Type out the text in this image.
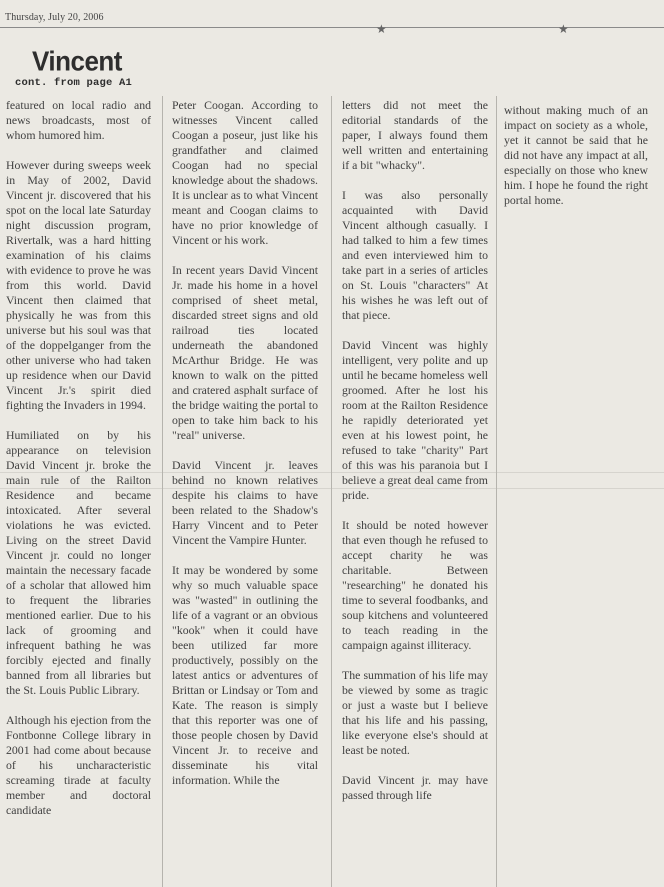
Thursday, July 20, 2006
★	★
Vincent
cont. from page A1

featured on local radio and news broadcasts, most of whom humored him.

However during sweeps week in May of 2002, David Vincent jr. discovered that his spot on the local late Saturday night discussion program, Rivertalk, was a hard hitting examination of his claims with evidence to prove he was from this world. David Vincent then claimed that physically he was from this universe but his soul was that of the doppelganger from the other universe who had taken up residence when our David Vincent Jr.'s spirit died fighting the Invaders in 1994.

Humiliated on by his appearance on television David Vincent jr. broke the main rule of the Railton Residence and became intoxicated. After several violations he was evicted. Living on the street David Vincent jr. could no longer maintain the necessary facade of a scholar that allowed him to frequent the libraries mentioned earlier. Due to his lack of grooming and infrequent bathing he was forcibly ejected and finally banned from all libraries but the St. Louis Public Library.

Although his ejection from the Fontbonne College library in 2001 had come about because of his uncharacteristic screaming tirade at faculty member and doctoral candidate

Peter Coogan. According to witnesses Vincent called Coogan a poseur, just like his grandfather and claimed Coogan had no special knowledge about the shadows. It is unclear as to what Vincent meant and Coogan claims to have no prior knowledge of Vincent or his work.

In recent years David Vincent Jr. made his home in a hovel comprised of sheet metal, discarded street signs and old railroad ties located underneath the abandoned McArthur Bridge. He was known to walk on the pitted and cratered asphalt surface of the bridge waiting the portal to open to take him back to his "real" universe.

David Vincent jr. leaves behind no known relatives despite his claims to have been related to the Shadow's Harry Vincent and to Peter Vincent the Vampire Hunter.

It may be wondered by some why so much valuable space was "wasted" in outlining the life of a vagrant or an obvious "kook" when it could have been utilized far more productively, possibly on the latest antics or adventures of Brittan or Lindsay or Tom and Kate. The reason is simply that this reporter was one of those people chosen by David Vincent Jr. to receive and disseminate his vital information. While the

letters did not meet the editorial standards of the paper, I always found them well written and entertaining if a bit "whacky".

I was also personally acquainted with David Vincent although casually. I had talked to him a few times and even interviewed him to take part in a series of articles on St. Louis "characters" At his wishes he was left out of that piece.

David Vincent was highly intelligent, very polite and up until he became homeless well groomed. After he lost his room at the Railton Residence he rapidly deteriorated yet even at his lowest point, he refused to take "charity" Part of this was his paranoia but I believe a great deal came from pride.

It should be noted however that even though he refused to accept charity he was charitable. Between "researching" he donated his time to several foodbanks, and soup kitchens and volunteered to teach reading in the campaign against illiteracy.

The summation of his life may be viewed by some as tragic or just a waste but I believe that his life and his passing, like everyone else's should at least be noted.

David Vincent jr. may have passed through life

without making much of an impact on society as a whole, yet it cannot be said that he did not have any impact at all, especially on those who knew him. I hope he found the right portal home.
